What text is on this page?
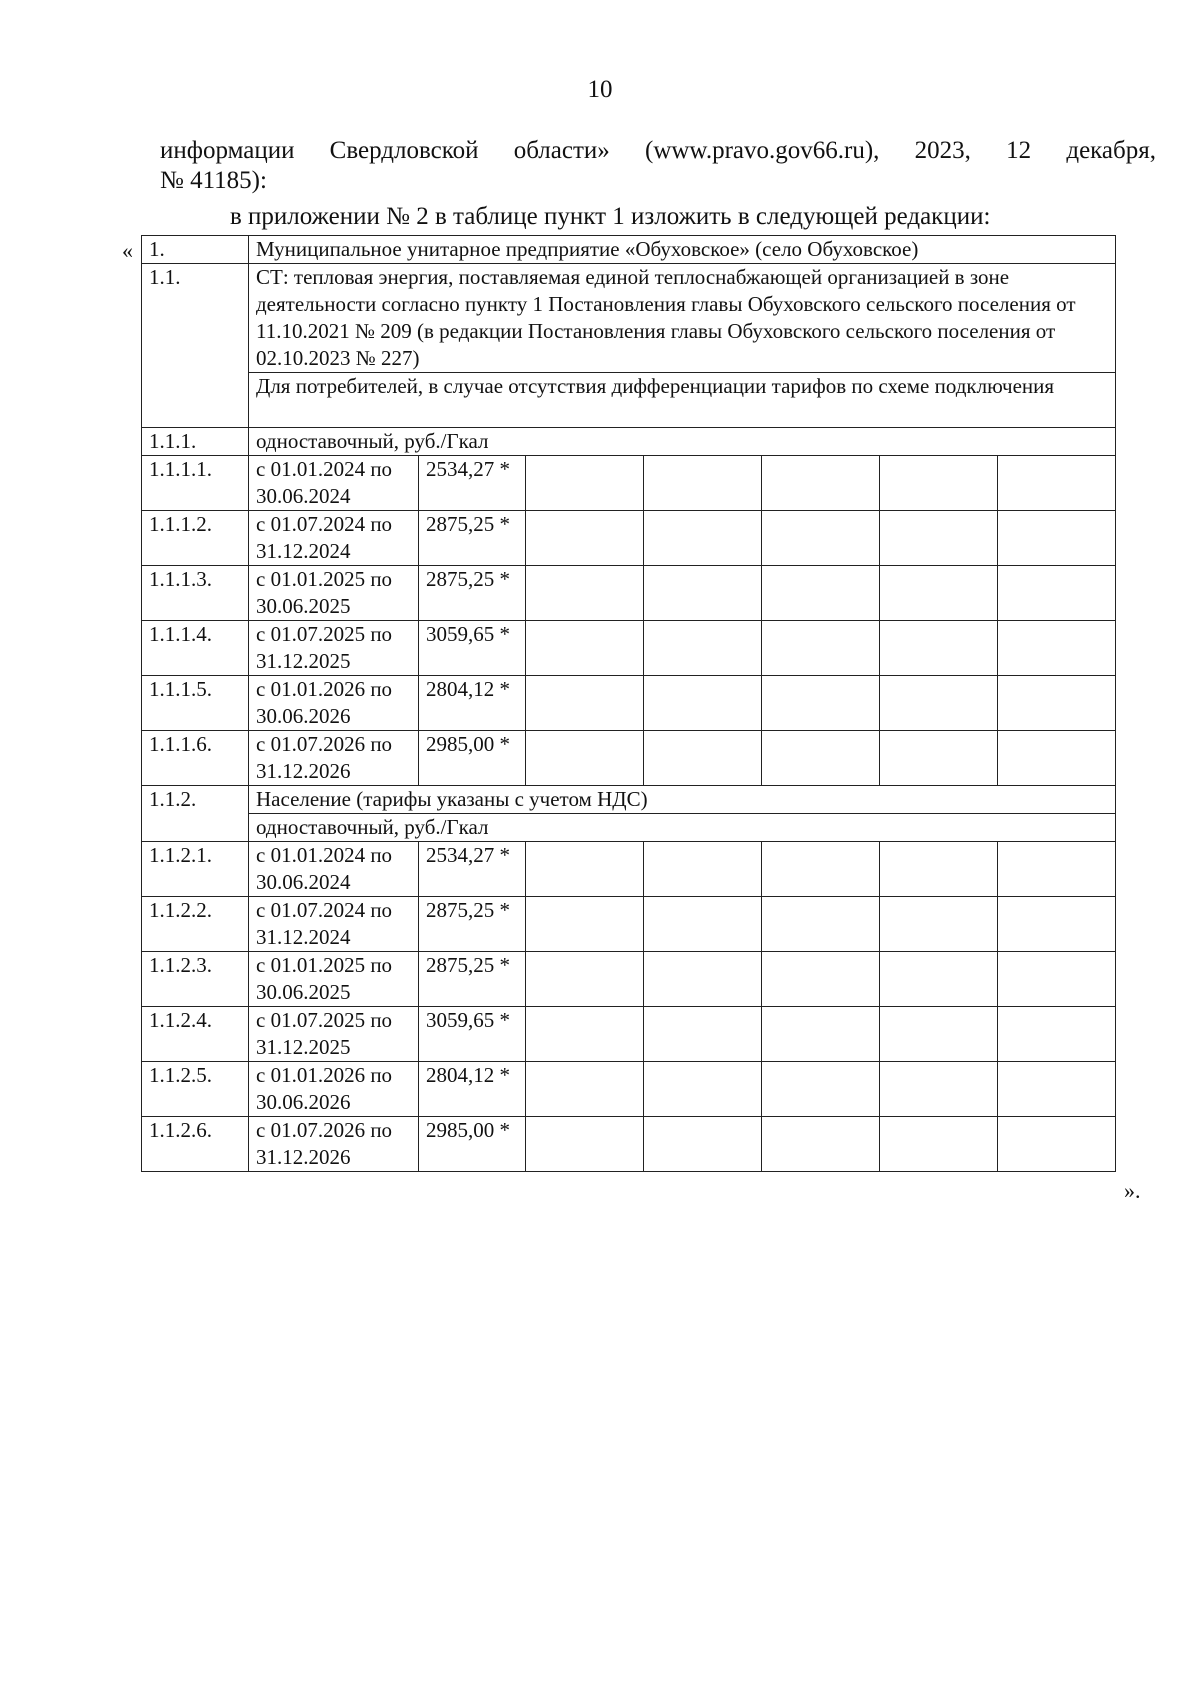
10
информации Свердловской области» (www.pravo.gov66.ru), 2023, 12 декабря,
№ 41185):
в приложении № 2 в таблице пункт 1 изложить в следующей редакции:
«
».
1.	Муниципальное унитарное предприятие «Обуховское» (село Обуховское)						
1.1.	СТ: тепловая энергия, поставляемая единой теплоснабжающей организацией в зоне деятельности согласно пункту 1 Постановления главы Обуховского сельского поселения от 11.10.2021 № 209 (в редакции Постановления главы Обуховского сельского поселения от 02.10.2023 № 227)						
	Для потребителей, в случае отсутствия дифференциации тарифов по схеме подключения						
1.1.1.	одноставочный, руб./Гкал						
1.1.1.1.	с 01.01.2024 по 30.06.2024	2534,27 *					
1.1.1.2.	с 01.07.2024 по 31.12.2024	2875,25 *					
1.1.1.3.	с 01.01.2025 по 30.06.2025	2875,25 *					
1.1.1.4.	с 01.07.2025 по 31.12.2025	3059,65 *					
1.1.1.5.	с 01.01.2026 по 30.06.2026	2804,12 *					
1.1.1.6.	с 01.07.2026 по 31.12.2026	2985,00 *					
1.1.2.	Население (тарифы указаны с учетом НДС)						
	одноставочный, руб./Гкал						
1.1.2.1.	с 01.01.2024 по 30.06.2024	2534,27 *					
1.1.2.2.	с 01.07.2024 по 31.12.2024	2875,25 *					
1.1.2.3.	с 01.01.2025 по 30.06.2025	2875,25 *					
1.1.2.4.	с 01.07.2025 по 31.12.2025	3059,65 *					
1.1.2.5.	с 01.01.2026 по 30.06.2026	2804,12 *					
1.1.2.6.	с 01.07.2026 по 31.12.2026	2985,00 *					
